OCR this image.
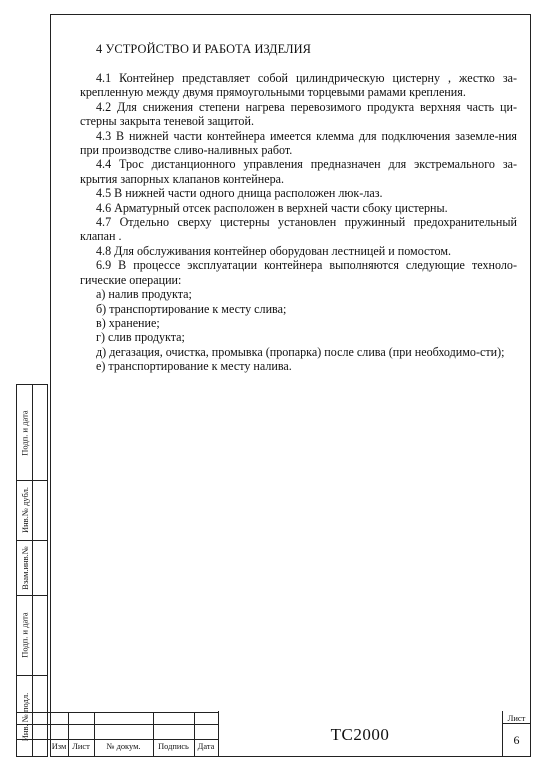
4 УСТРОЙСТВО И РАБОТА ИЗДЕЛИЯ

4.1 Контейнер представляет собой цилиндрическую цистерну , жестко за-крепленную между двумя прямоугольными торцевыми рамами крепления.

4.2 Для снижения степени нагрева перевозимого продукта верхняя часть ци-стерны закрыта теневой защитой.

4.3 В нижней части контейнера имеется клемма для подключения заземле-ния при производстве сливо-наливных работ.

4.4 Трос дистанционного управления предназначен для экстремального за-крытия запорных клапанов контейнера.

4.5 В нижней части одного днища расположен люк-лаз.

4.6 Арматурный отсек расположен в верхней части сбоку цистерны.

4.7 Отдельно сверху цистерны установлен пружинный предохранительный клапан .

4.8 Для обслуживания контейнер оборудован лестницей и помостом.

6.9 В процессе эксплуатации контейнера выполняются следующие техноло-гические операции:

а) налив продукта;

б) транспортирование к месту слива;

в) хранение;

г) слив продукта;

д) дегазация, очистка, промывка (пропарка) после слива (при необходимо-сти);

е) транспортирование к месту налива.

Подп. и дата
Инв.№ дубл.
Взам.инв.№
Подп. и дата
Инв. № подл.
Изм Лист	№ докум.	Подпись	Дата
ТС2000
Лист
6
